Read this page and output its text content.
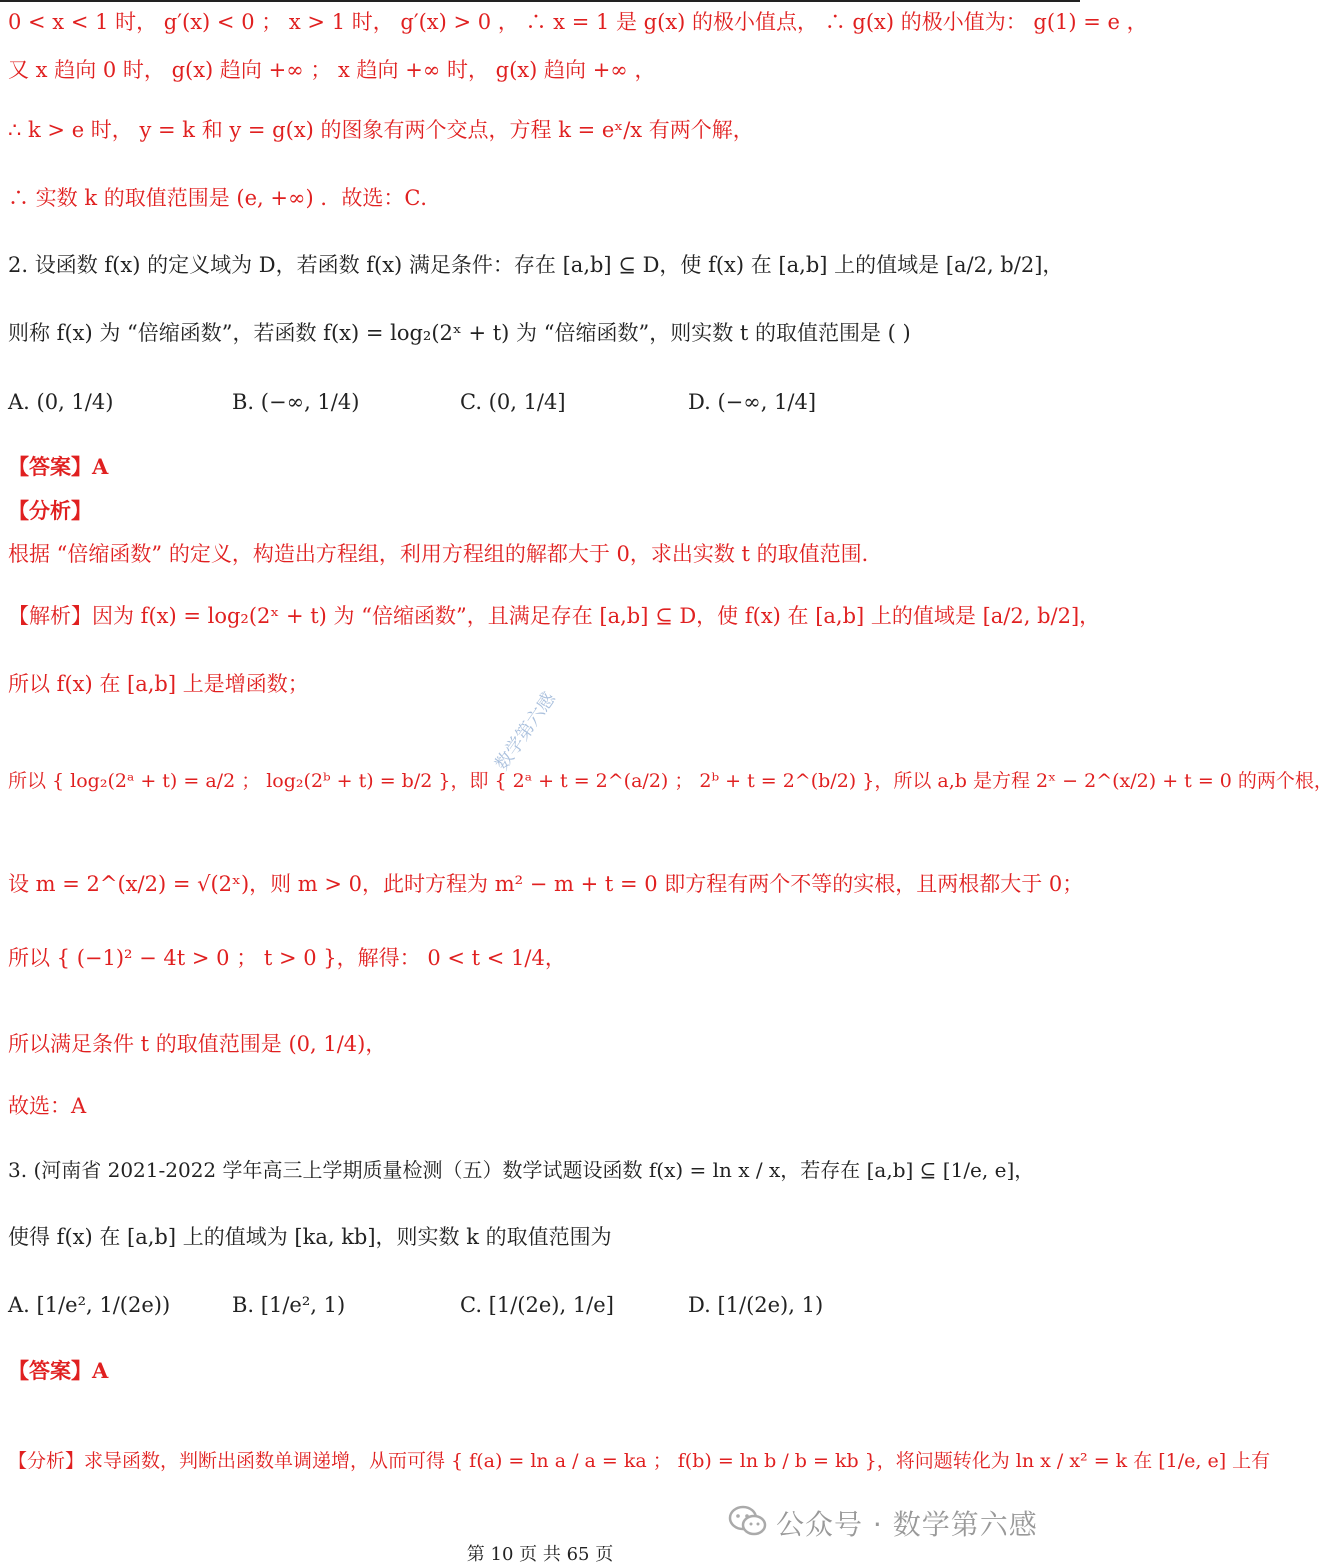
0 < x < 1 时， g′(x) < 0 ； x > 1 时， g′(x) > 0 ， ∴ x = 1 是 g(x) 的极小值点， ∴ g(x) 的极小值为： g(1) = e ，
又 x 趋向 0 时， g(x) 趋向 +∞ ； x 趋向 +∞ 时， g(x) 趋向 +∞ ，
∴ k > e 时， y = k 和 y = g(x) 的图象有两个交点，方程 k = eˣ/x 有两个解，
∴ 实数 k 的取值范围是 (e, +∞) ．故选：C．
2. 设函数 f(x) 的定义域为 D，若函数 f(x) 满足条件：存在 [a,b] ⊆ D，使 f(x) 在 [a,b] 上的值域是 [a/2, b/2]，
则称 f(x) 为 “倍缩函数”，若函数 f(x) = log₂(2ˣ + t) 为 “倍缩函数”，则实数 t 的取值范围是 ( )
A. (0, 1/4)	B. (−∞, 1/4)	C. (0, 1/4]	D. (−∞, 1/4]
【答案】A
【分析】
根据 “倍缩函数” 的定义，构造出方程组，利用方程组的解都大于 0，求出实数 t 的取值范围．
【解析】因为 f(x) = log₂(2ˣ + t) 为 “倍缩函数”，且满足存在 [a,b] ⊆ D，使 f(x) 在 [a,b] 上的值域是 [a/2, b/2]，
所以 f(x) 在 [a,b] 上是增函数；
所以 { log₂(2ᵃ + t) = a/2 ； log₂(2ᵇ + t) = b/2 }，即 { 2ᵃ + t = 2^(a/2) ； 2ᵇ + t = 2^(b/2) }，所以 a,b 是方程 2ˣ − 2^(x/2) + t = 0 的两个根，
数学第六感
设 m = 2^(x/2) = √(2ˣ)，则 m > 0，此时方程为 m² − m + t = 0 即方程有两个不等的实根，且两根都大于 0；
所以 { (−1)² − 4t > 0 ； t > 0 }，解得： 0 < t < 1/4，
所以满足条件 t 的取值范围是 (0, 1/4)，
故选：A
3. (河南省 2021-2022 学年高三上学期质量检测（五）数学试题设函数 f(x) = ln x / x，若存在 [a,b] ⊆ [1/e, e]，
使得 f(x) 在 [a,b] 上的值域为 [ka, kb]，则实数 k 的取值范围为
A. [1/e², 1/(2e))	B. [1/e², 1)	C. [1/(2e), 1/e]	D. [1/(2e), 1)
【答案】A
【分析】求导函数，判断出函数单调递增，从而可得 { f(a) = ln a / a = ka ； f(b) = ln b / b = kb }，将问题转化为 ln x / x² = k 在 [1/e, e] 上有
公众号 · 数学第六感
第 10 页 共 65 页
